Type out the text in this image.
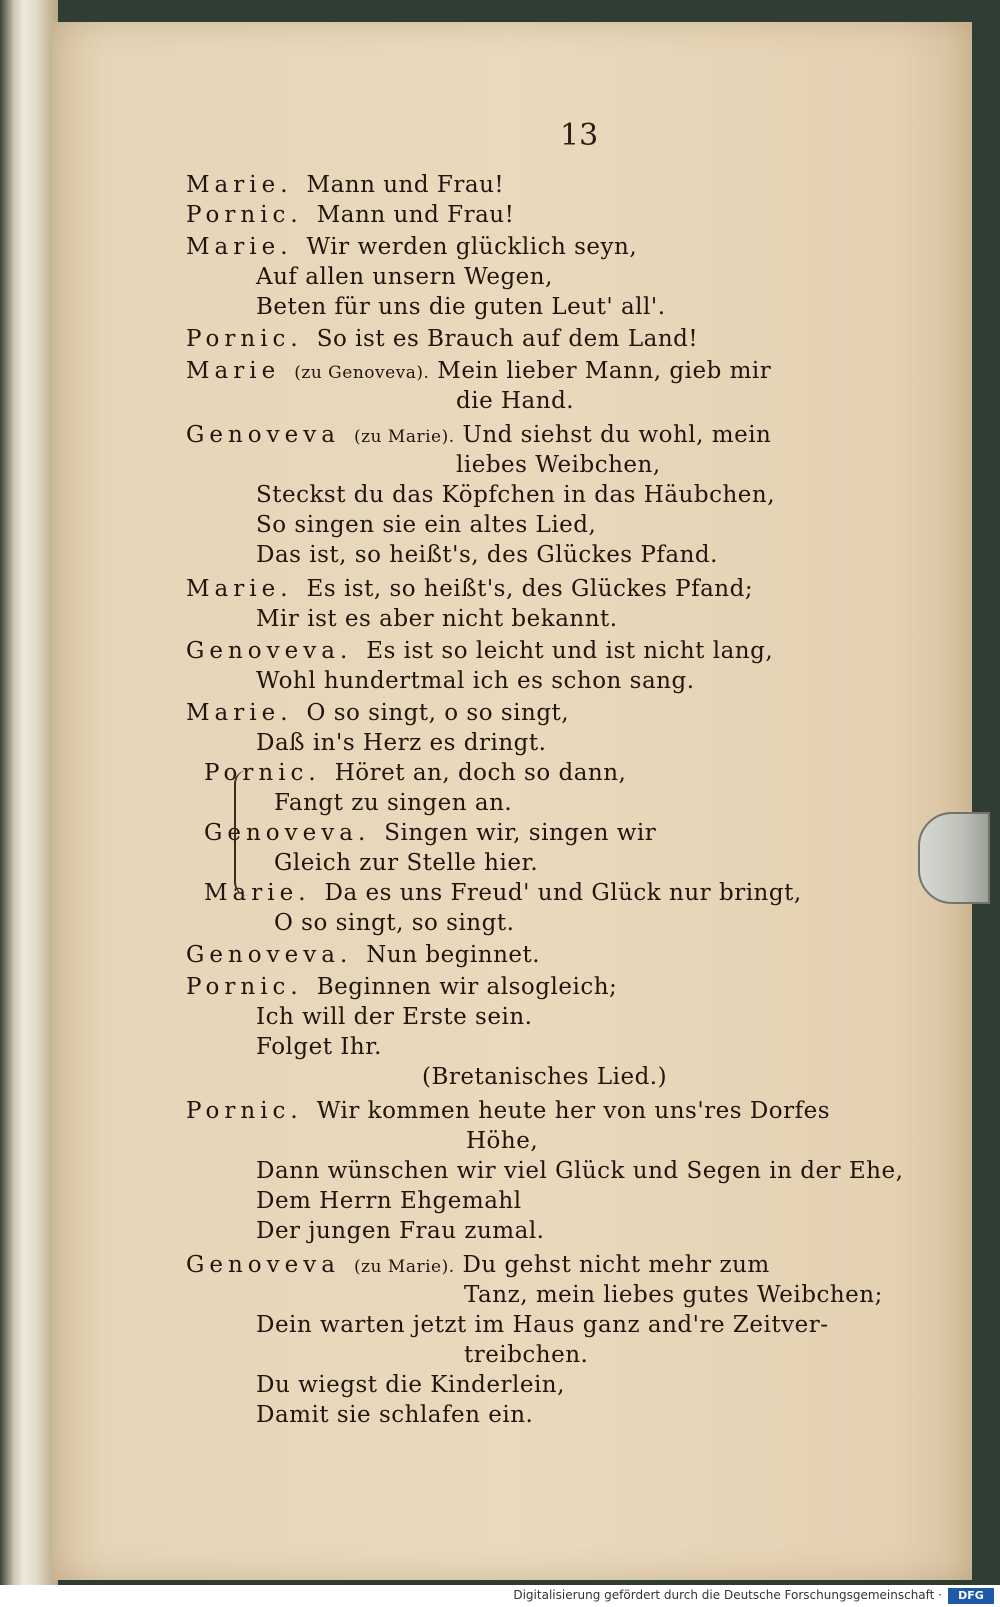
13
Marie. Mann und Frau!
Pornic. Mann und Frau!
Marie. Wir werden glücklich seyn,
Auf allen unsern Wegen,
Beten für uns die guten Leut' all'.
Pornic. So ist es Brauch auf dem Land!
Marie (zu Genoveva). Mein lieber Mann, gieb mir
die Hand.
Genoveva (zu Marie). Und siehst du wohl, mein
liebes Weibchen,
Steckst du das Köpfchen in das Häubchen,
So singen sie ein altes Lied,
Das ist, so heißt's, des Glückes Pfand.
Marie. Es ist, so heißt's, des Glückes Pfand;
Mir ist es aber nicht bekannt.
Genoveva. Es ist so leicht und ist nicht lang,
Wohl hundertmal ich es schon sang.
Marie. O so singt, o so singt,
Daß in's Herz es dringt.
Pornic. Höret an, doch so dann,
Fangt zu singen an.
Genoveva. Singen wir, singen wir
Gleich zur Stelle hier.
Marie. Da es uns Freud' und Glück nur bringt,
O so singt, so singt.
Genoveva. Nun beginnet.
Pornic. Beginnen wir alsogleich;
Ich will der Erste sein.
Folget Ihr.
(Bretanisches Lied.)
Pornic. Wir kommen heute her von uns'res Dorfes
Höhe,
Dann wünschen wir viel Glück und Segen in der Ehe,
Dem Herrn Ehgemahl
Der jungen Frau zumal.
Genoveva (zu Marie). Du gehst nicht mehr zum
Tanz, mein liebes gutes Weibchen;
Dein warten jetzt im Haus ganz and're Zeitver-
treibchen.
Du wiegst die Kinderlein,
Damit sie schlafen ein.
Digitalisierung gefördert durch die Deutsche Forschungsgemeinschaft ·	DFG
